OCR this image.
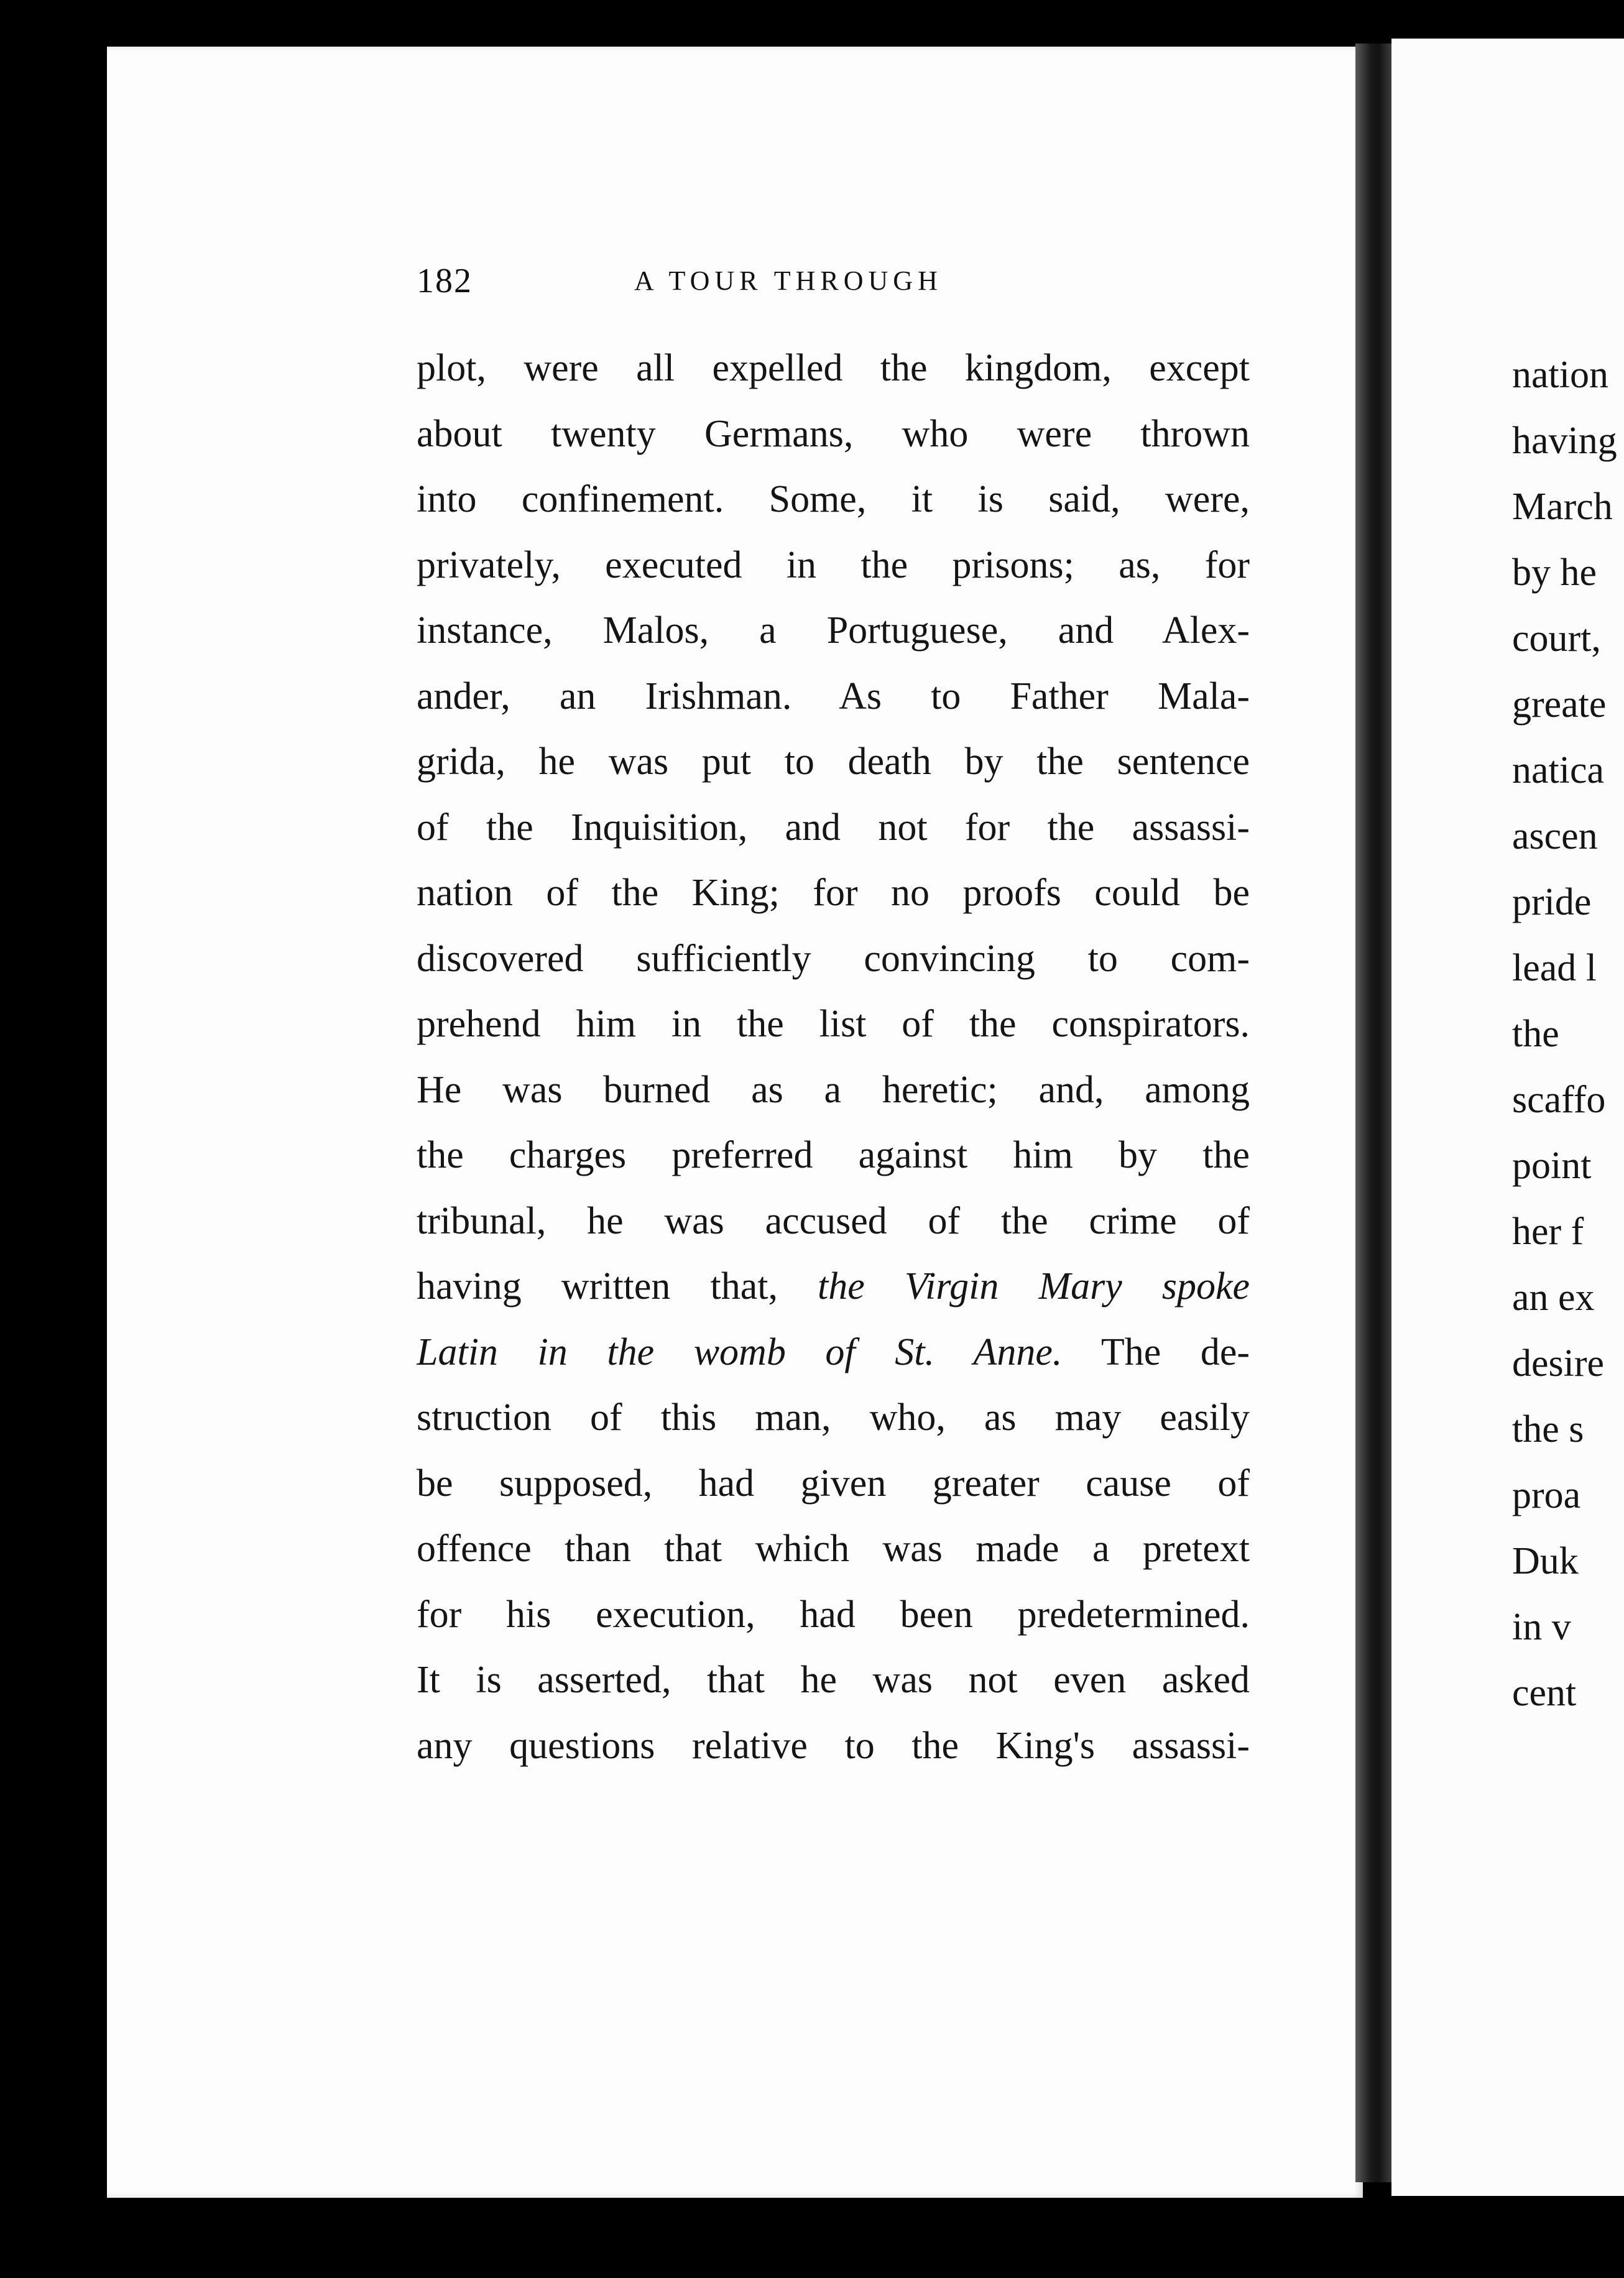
182	A TOUR THROUGH
plot, were all expelled the kingdom, except
about twenty Germans, who were thrown
into confinement. Some, it is said, were,
privately, executed in the prisons; as, for
instance, Malos, a Portuguese, and Alex-
ander, an Irishman. As to Father Mala-
grida, he was put to death by the sentence
of the Inquisition, and not for the assassi-
nation of the King; for no proofs could be
discovered sufficiently convincing to com-
prehend him in the list of the conspirators.
He was burned as a heretic; and, among
the charges preferred against him by the
tribunal, he was accused of the crime of
having written that, the Virgin Mary spoke
Latin in the womb of St. Anne. The de-
struction of this man, who, as may easily
be supposed, had given greater cause of
offence than that which was made a pretext
for his execution, had been predetermined.
It is asserted, that he was not even asked
any questions relative to the King's assassi-
nation
having
March
by he
court,
greate
natica
ascen
pride
lead l
the
scaffo
point
her f
an ex
desire
the s
proa
Duk
in v
cent
